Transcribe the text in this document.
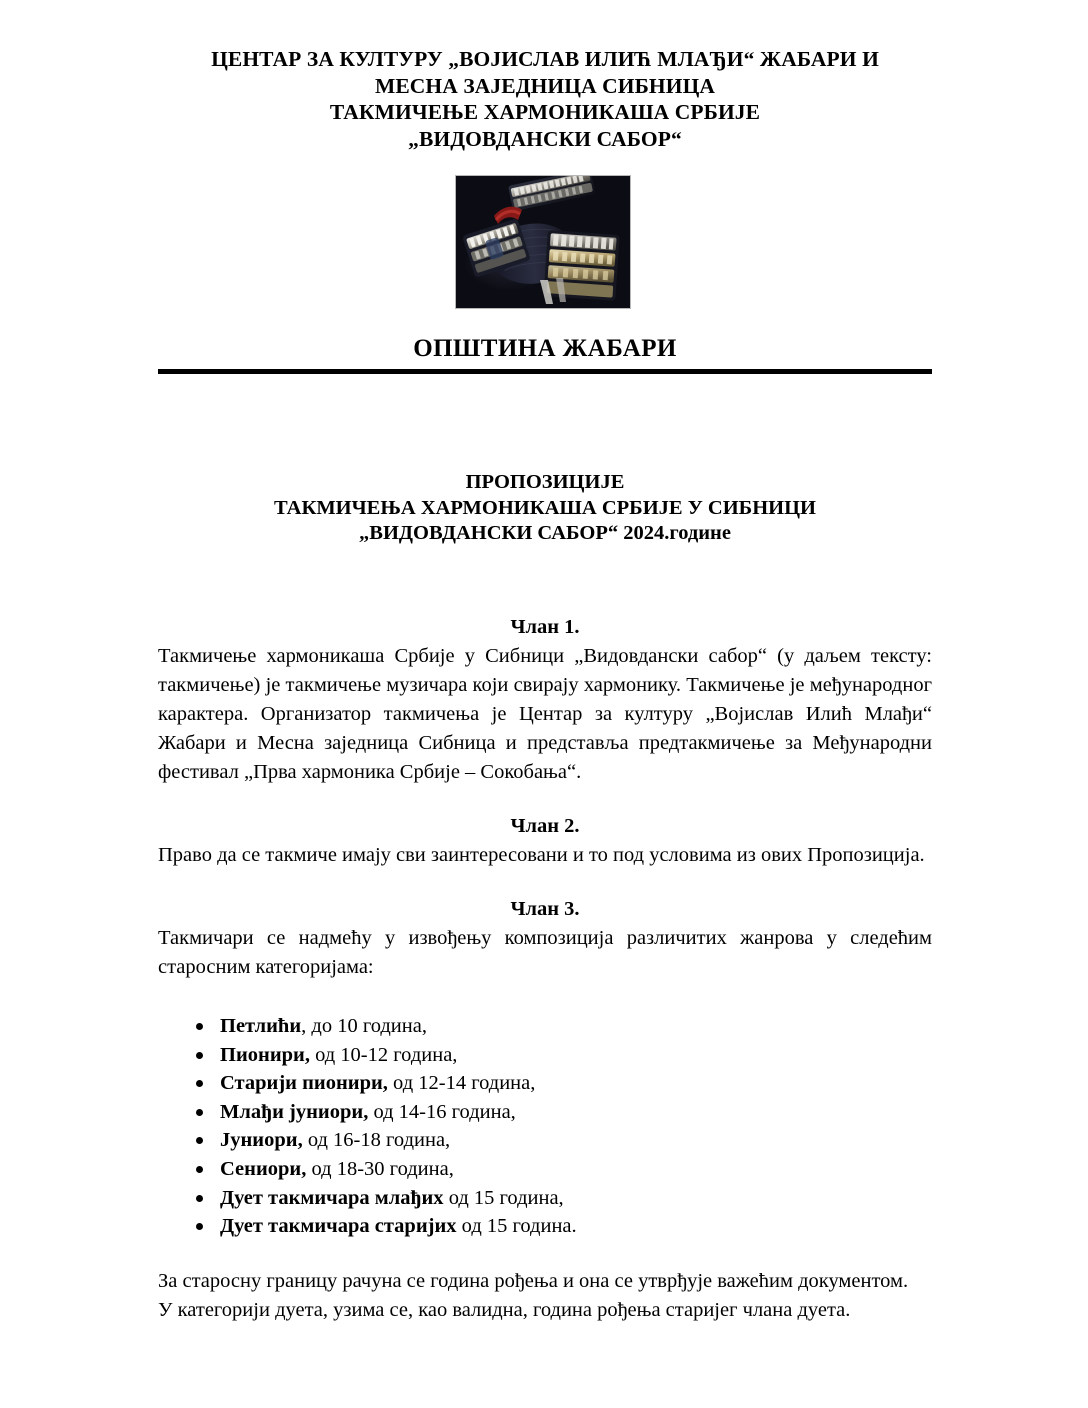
ЦЕНТАР ЗА КУЛТУРУ „ВОЈИСЛАВ ИЛИЋ МЛАЂИ“ ЖАБАРИ И
МЕСНА ЗАЈЕДНИЦА СИБНИЦА
ТАКМИЧЕЊЕ ХАРМОНИКАША СРБИЈЕ
„ВИДОВДАНСКИ САБОР“
ОПШТИНА ЖАБАРИ
ПРОПОЗИЦИЈЕ
ТАКМИЧЕЊА ХАРМОНИКАША СРБИЈЕ У СИБНИЦИ
„ВИДОВДАНСКИ САБОР“ 2024.године
Члан 1.

Такмичење хармоникаша Србије у Сибници „Видовдански сабор“ (у даљем тексту: такмичење) је такмичење музичара који свирају хармонику. Такмичење је међународног карактера. Организатор такмичења је Центар за културу „Војислав Илић Млађи“ Жабари и Месна заједница Сибница и представља предтакмичење за Међународни фестивал „Прва хармоника Србије – Сокобања“.

Члан 2.

Право да се такмиче имају сви заинтересовани и то под условима из ових Пропозиција.

Члан 3.

Такмичари се надмећу у извођењу композиција различитих жанрова у следећим старосним категоријама:

Петлићи, до 10 година,
Пионири, од 10-12 година,
Старији пионири, од 12-14 година,
Млађи јуниори, од 14-16 година,
Јуниори, од 16-18 година,
Сениори, од 18-30 година,
Дует такмичара млађих од 15 година,
Дует такмичара старијих од 15 година.

За старосну границу рачуна се година рођења и она се утврђује важећим документом.

У категорији дуета, узима се, као валидна, година рођења старијег члана дуета.
